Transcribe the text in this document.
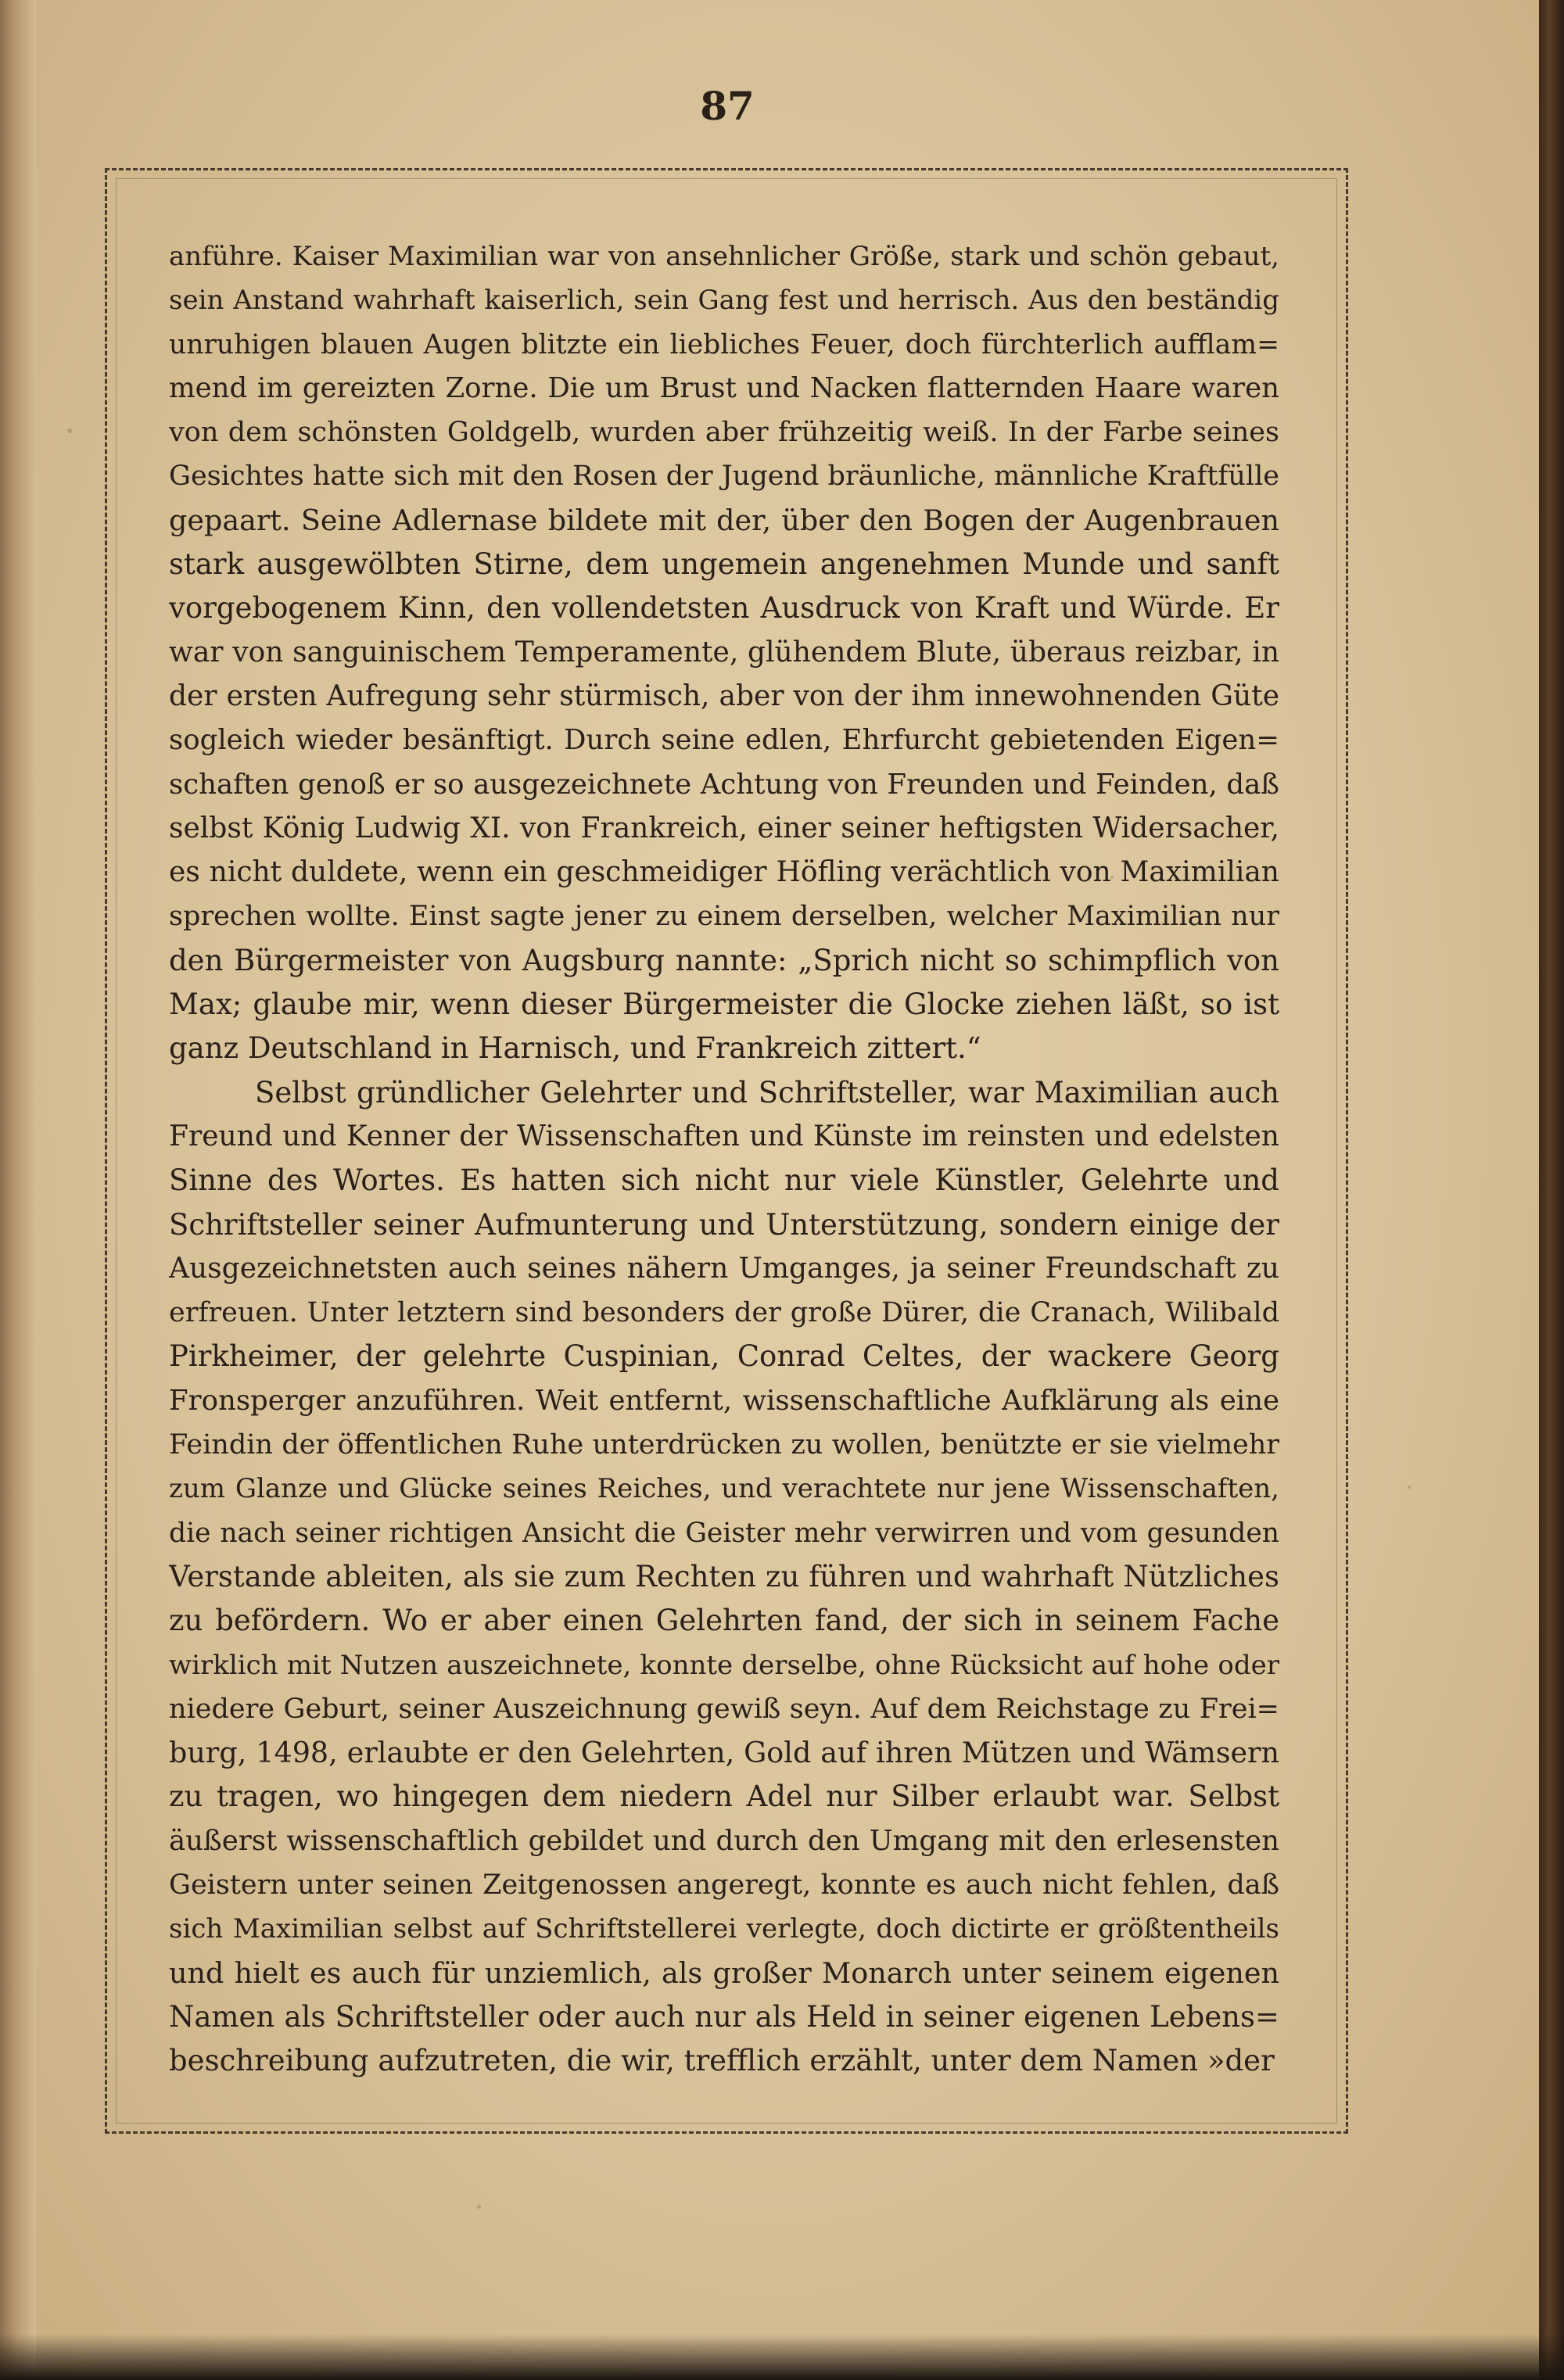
87
anführe. Kaiser Maximilian war von ansehnlicher Größe, stark und schön gebaut,
sein Anstand wahrhaft kaiserlich, sein Gang fest und herrisch. Aus den beständig
unruhigen blauen Augen blitzte ein liebliches Feuer, doch fürchterlich aufflam=
mend im gereizten Zorne. Die um Brust und Nacken flatternden Haare waren
von dem schönsten Goldgelb, wurden aber frühzeitig weiß. In der Farbe seines
Gesichtes hatte sich mit den Rosen der Jugend bräunliche, männliche Kraftfülle
gepaart. Seine Adlernase bildete mit der, über den Bogen der Augenbrauen
stark ausgewölbten Stirne, dem ungemein angenehmen Munde und sanft
vorgebogenem Kinn, den vollendetsten Ausdruck von Kraft und Würde. Er
war von sanguinischem Temperamente, glühendem Blute, überaus reizbar, in
der ersten Aufregung sehr stürmisch, aber von der ihm innewohnenden Güte
sogleich wieder besänftigt. Durch seine edlen, Ehrfurcht gebietenden Eigen=
schaften genoß er so ausgezeichnete Achtung von Freunden und Feinden, daß
selbst König Ludwig XI. von Frankreich, einer seiner heftigsten Widersacher,
es nicht duldete, wenn ein geschmeidiger Höfling verächtlich von Maximilian
sprechen wollte. Einst sagte jener zu einem derselben, welcher Maximilian nur
den Bürgermeister von Augsburg nannte: „Sprich nicht so schimpflich von
Max; glaube mir, wenn dieser Bürgermeister die Glocke ziehen läßt, so ist
ganz Deutschland in Harnisch, und Frankreich zittert.“
Selbst gründlicher Gelehrter und Schriftsteller, war Maximilian auch
Freund und Kenner der Wissenschaften und Künste im reinsten und edelsten
Sinne des Wortes. Es hatten sich nicht nur viele Künstler, Gelehrte und
Schriftsteller seiner Aufmunterung und Unterstützung, sondern einige der
Ausgezeichnetsten auch seines nähern Umganges, ja seiner Freundschaft zu
erfreuen. Unter letztern sind besonders der große Dürer, die Cranach, Wilibald
Pirkheimer, der gelehrte Cuspinian, Conrad Celtes, der wackere Georg
Fronsperger anzuführen. Weit entfernt, wissenschaftliche Aufklärung als eine
Feindin der öffentlichen Ruhe unterdrücken zu wollen, benützte er sie vielmehr
zum Glanze und Glücke seines Reiches, und verachtete nur jene Wissenschaften,
die nach seiner richtigen Ansicht die Geister mehr verwirren und vom gesunden
Verstande ableiten, als sie zum Rechten zu führen und wahrhaft Nützliches
zu befördern. Wo er aber einen Gelehrten fand, der sich in seinem Fache
wirklich mit Nutzen auszeichnete, konnte derselbe, ohne Rücksicht auf hohe oder
niedere Geburt, seiner Auszeichnung gewiß seyn. Auf dem Reichstage zu Frei=
burg, 1498, erlaubte er den Gelehrten, Gold auf ihren Mützen und Wämsern
zu tragen, wo hingegen dem niedern Adel nur Silber erlaubt war. Selbst
äußerst wissenschaftlich gebildet und durch den Umgang mit den erlesensten
Geistern unter seinen Zeitgenossen angeregt, konnte es auch nicht fehlen, daß
sich Maximilian selbst auf Schriftstellerei verlegte, doch dictirte er größtentheils
und hielt es auch für unziemlich, als großer Monarch unter seinem eigenen
Namen als Schriftsteller oder auch nur als Held in seiner eigenen Lebens=
beschreibung aufzutreten, die wir, trefflich erzählt, unter dem Namen »der
